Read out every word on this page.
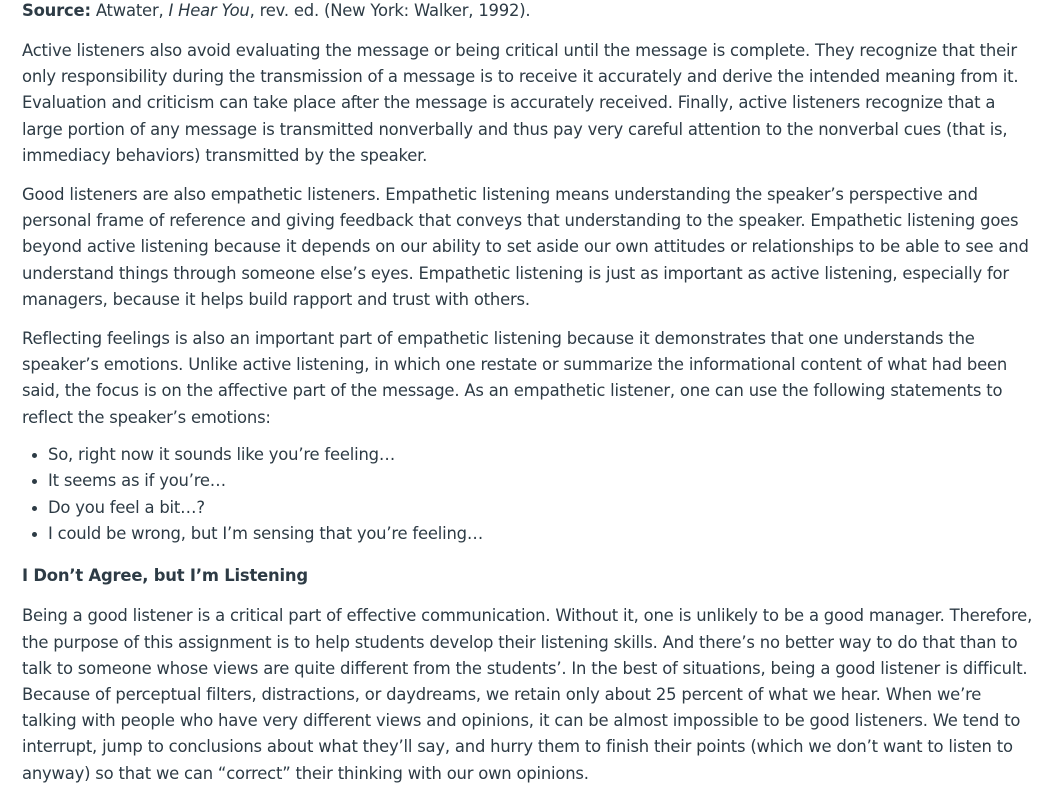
Source: Atwater, I Hear You, rev. ed. (New York: Walker, 1992).

Active listeners also avoid evaluating the message or being critical until the message is complete. They recognize that their only responsibility during the transmission of a message is to receive it accurately and derive the intended meaning from it. Evaluation and criticism can take place after the message is accurately received. Finally, active listeners recognize that a large portion of any message is transmitted nonverbally and thus pay very careful attention to the nonverbal cues (that is, immediacy behaviors) transmitted by the speaker.

Good listeners are also empathetic listeners. Empathetic listening means understanding the speaker’s perspective and personal frame of reference and giving feedback that conveys that understanding to the speaker. Empathetic listening goes beyond active listening because it depends on our ability to set aside our own attitudes or relationships to be able to see and understand things through someone else’s eyes. Empathetic listening is just as important as active listening, especially for managers, because it helps build rapport and trust with others.

Reflecting feelings is also an important part of empathetic listening because it demonstrates that one understands the speaker’s emotions. Unlike active listening, in which one restate or summarize the informational content of what had been said, the focus is on the affective part of the message. As an empathetic listener, one can use the following statements to reflect the speaker’s emotions:

So, right now it sounds like you’re feeling…
It seems as if you’re…
Do you feel a bit…?
I could be wrong, but I’m sensing that you’re feeling…
I Don’t Agree, but I’m Listening

Being a good listener is a critical part of effective communication. Without it, one is unlikely to be a good manager. Therefore, the purpose of this assignment is to help students develop their listening skills. And there’s no better way to do that than to talk to someone whose views are quite different from the students’. In the best of situations, being a good listener is difficult. Because of perceptual filters, distractions, or daydreams, we retain only about 25 percent of what we hear. When we’re talking with people who have very different views and opinions, it can be almost impossible to be good listeners. We tend to interrupt, jump to conclusions about what they’ll say, and hurry them to finish their points (which we don’t want to listen to anyway) so that we can “correct” their thinking with our own opinions.
